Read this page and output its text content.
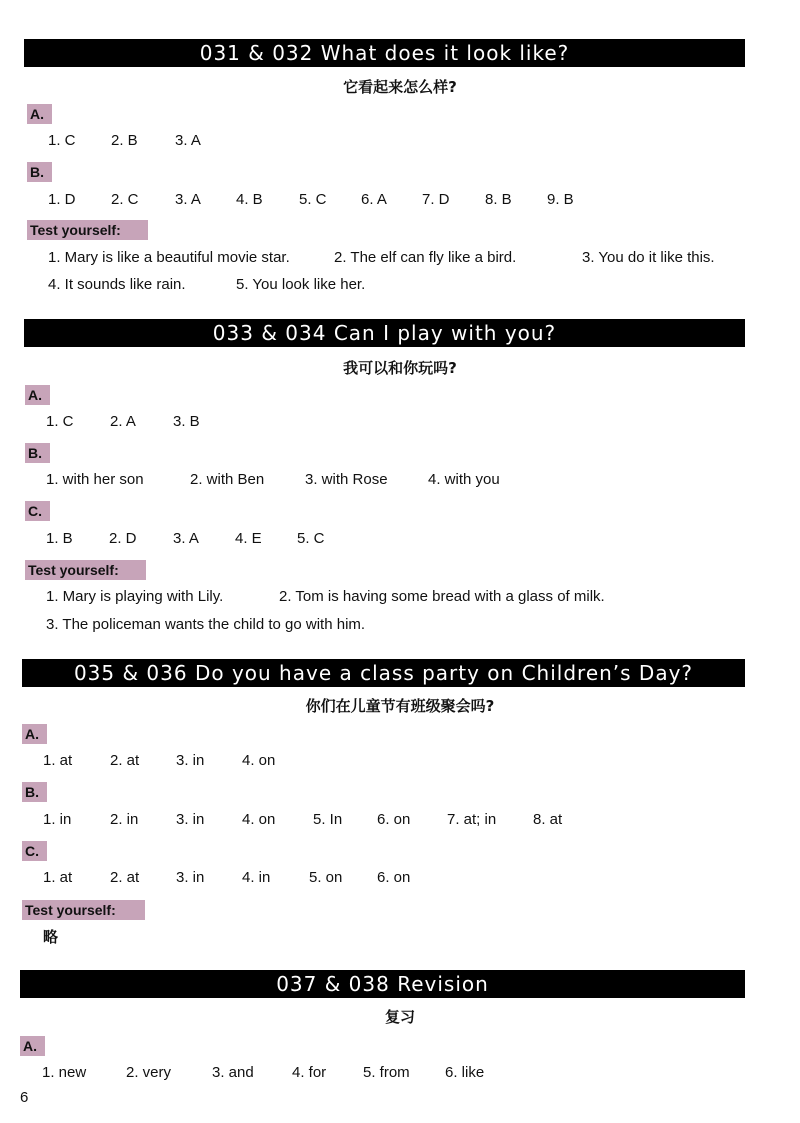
031 & 032 What does it look like?
它看起来怎么样?
A.
1. C 2. B 3. A
B.
1. D 2. C 3. A 4. B 5. C 6. A 7. D 8. B 9. B
Test yourself:
1. Mary is like a beautiful movie star.	2. The elf can fly like a bird.	3. You do it like this.
4. It sounds like rain.	5. You look like her.
033 & 034 Can I play with you?
我可以和你玩吗?
A.
1. C 2. A 3. B
B.
1. with her son	2. with Ben	3. with Rose	4. with you
C.
1. B 2. D 3. A 4. E 5. C
Test yourself:
1. Mary is playing with Lily.	2. Tom is having some bread with a glass of milk.
3. The policeman wants the child to go with him.
035 & 036 Do you have a class party on Children’s Day?
你们在儿童节有班级聚会吗?
A.
1. at	2. at 3. in	4. on
B.
1. in	2. in	3. in	4. on	5. In 6. on 7. at; in 8. at
C.
1. at	2. at 3. in	4. in	5. on 6. on
Test yourself:
略
037 & 038 Revision
复习
A.
1. new	2. very	3. and	4. for 5. from 6. like
6
